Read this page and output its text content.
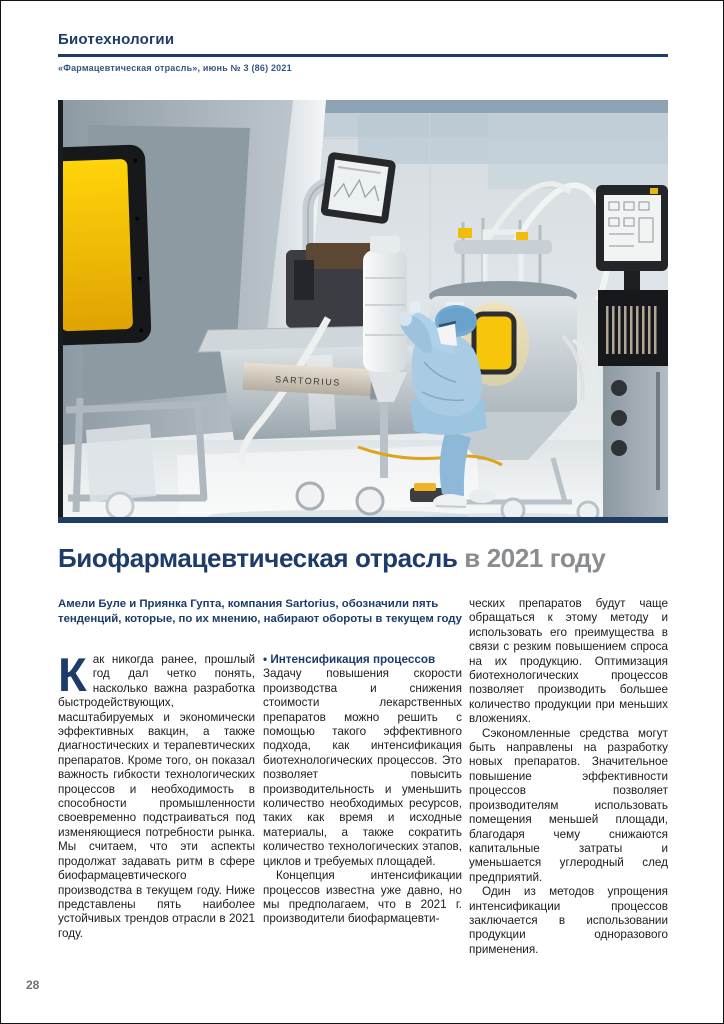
Биотехнологии
«Фармацевтическая отрасль», июнь № 3 (86) 2021
SARTORIUS
Биофармацевтическая отрасль в 2021 году

Амели Буле и Приянка Гупта, компания Sartorius, обозначили пять тенденций, которые, по их мнению, набирают обороты в текущем году

Как никогда ранее, прошлый год дал четко понять, насколько важна разработка быстродействующих, масштабируемых и экономически эффективных вакцин, а также диагностических и терапевтических препаратов. Кроме того, он показал важность гибкости технологических процессов и необходимость в способности промышленности своевременно подстраиваться под изменяющиеся потребности рынка. Мы считаем, что эти аспекты продолжат задавать ритм в сфере биофармацевтического производства в текущем году. Ниже представлены пять наиболее устойчивых трендов отрасли в 2021 году.

• Интенсификация процессов

Задачу повышения скорости производства и снижения стоимости лекарственных препаратов можно решить с помощью такого эффективного подхода, как интенсификация биотехнологических процессов. Это позволяет повысить производительность и уменьшить количество необходимых ресурсов, таких как время и исходные материалы, а также сократить количество технологических этапов, циклов и требуемых площадей.

Концепция интенсификации процессов известна уже давно, но мы предполагаем, что в 2021 г. производители биофармацевти-

ческих препаратов будут чаще обращаться к этому методу и использовать его преимущества в связи с резким повышением спроса на их продукцию. Оптимизация биотехнологических процессов позволяет производить большее количество продукции при меньших вложениях.

Сэкономленные средства могут быть направлены на разработку новых препаратов. Значительное повышение эффективности процессов позволяет производителям использовать помещения меньшей площади, благодаря чему снижаются капитальные затраты и уменьшается углеродный след предприятий.

Один из методов упрощения интенсификации процессов заключается в использовании продукции одноразового применения.

28
